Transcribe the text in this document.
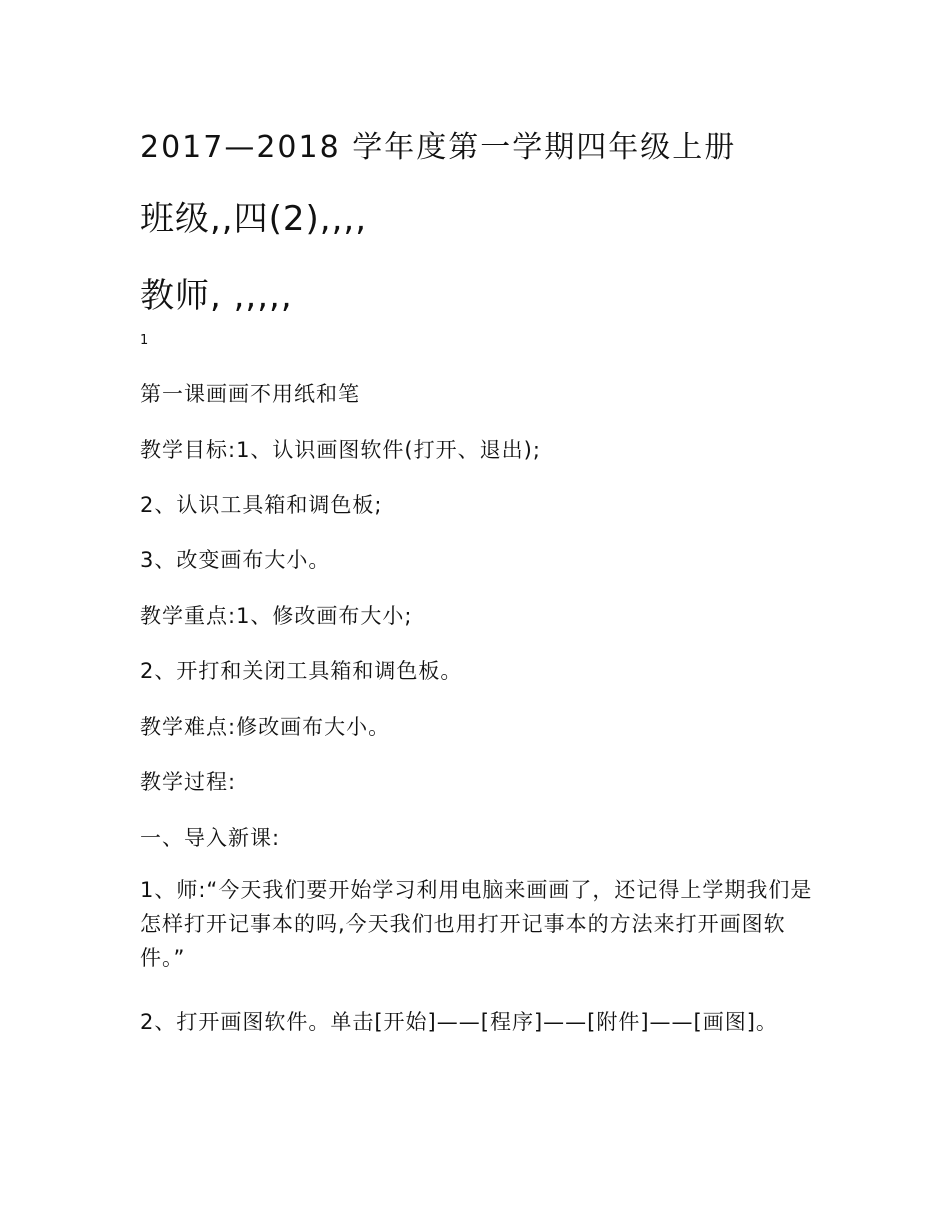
2017—2018 学年度第一学期四年级上册

班级,,四(2),,,,

教师, ,,,,,

1

第一课画画不用纸和笔

教学目标:1、认识画图软件(打开、退出);

2、认识工具箱和调色板;

3、改变画布大小。

教学重点:1、修改画布大小;

2、开打和关闭工具箱和调色板。

教学难点:修改画布大小。

教学过程:

一、导入新课:

1、师:“今天我们要开始学习利用电脑来画画了，还记得上学期我们是怎样打开记事本的吗,今天我们也用打开记事本的方法来打开画图软件。”

2、打开画图软件。单击[开始]——[程序]——[附件]——[画图]。
